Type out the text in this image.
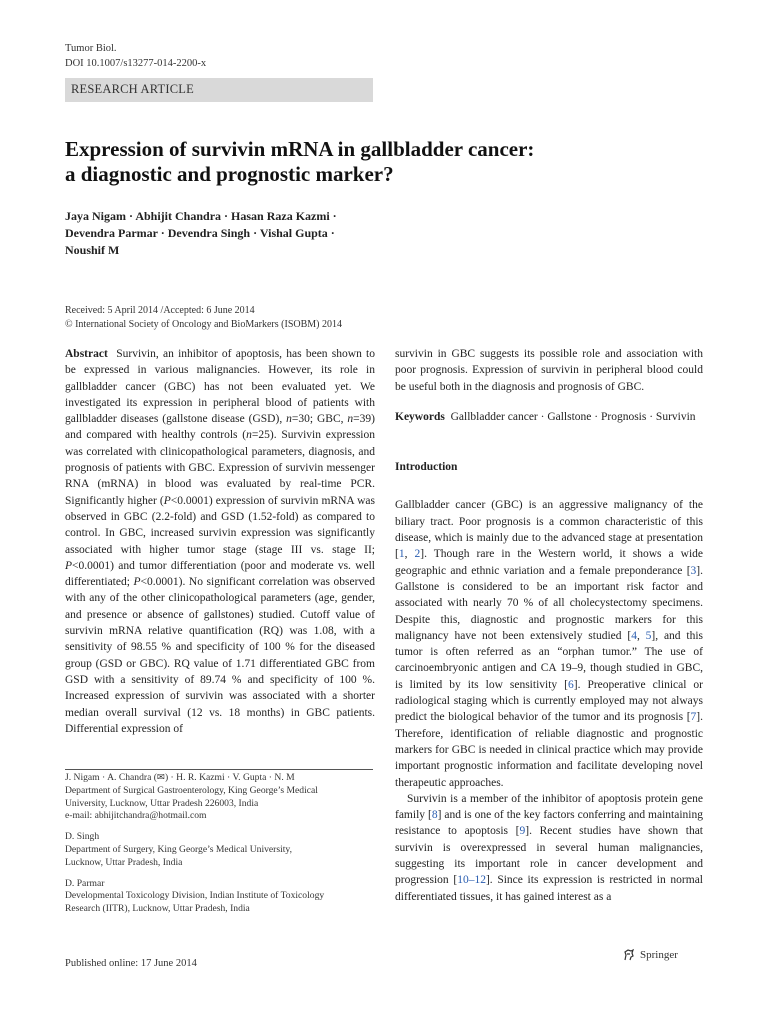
Tumor Biol.
DOI 10.1007/s13277-014-2200-x
RESEARCH ARTICLE
Expression of survivin mRNA in gallbladder cancer:
a diagnostic and prognostic marker?
Jaya Nigam · Abhijit Chandra · Hasan Raza Kazmi ·
Devendra Parmar · Devendra Singh · Vishal Gupta ·
Noushif M
Received: 5 April 2014 /Accepted: 6 June 2014
© International Society of Oncology and BioMarkers (ISOBM) 2014

Abstract Survivin, an inhibitor of apoptosis, has been shown to be expressed in various malignancies. However, its role in gallbladder cancer (GBC) has not been evaluated yet. We investigated its expression in peripheral blood of patients with gallbladder diseases (gallstone disease (GSD), n=30; GBC, n=39) and compared with healthy controls (n=25). Survivin expression was correlated with clinicopathological parameters, diagnosis, and prognosis of patients with GBC. Expression of survivin messenger RNA (mRNA) in blood was evaluated by real-time PCR. Significantly higher (P<0.0001) expression of survivin mRNA was observed in GBC (2.2-fold) and GSD (1.52-fold) as compared to control. In GBC, increased survivin expression was significantly associated with higher tumor stage (stage III vs. stage II; P<0.0001) and tumor differentiation (poor and moderate vs. well differentiated; P<0.0001). No significant correlation was observed with any of the other clinicopathological parameters (age, gender, and presence or absence of gallstones) studied. Cutoff value of survivin mRNA relative quantification (RQ) was 1.08, with a sensitivity of 98.55 % and specificity of 100 % for the diseased group (GSD or GBC). RQ value of 1.71 differentiated GBC from GSD with a sensitivity of 89.74 % and specificity of 100 %. Increased expression of survivin was associated with a shorter median overall survival (12 vs. 18 months) in GBC patients. Differential expression of

survivin in GBC suggests its possible role and association with poor prognosis. Expression of survivin in peripheral blood could be useful both in the diagnosis and prognosis of GBC.

Keywords Gallbladder cancer · Gallstone · Prognosis · Survivin

Introduction

Gallbladder cancer (GBC) is an aggressive malignancy of the biliary tract. Poor prognosis is a common characteristic of this disease, which is mainly due to the advanced stage at presentation [1, 2]. Though rare in the Western world, it shows a wide geographic and ethnic variation and a female preponderance [3]. Gallstone is considered to be an important risk factor and associated with nearly 70 % of all cholecystectomy specimens. Despite this, diagnostic and prognostic markers for this malignancy have not been extensively studied [4, 5], and this tumor is often referred as an “orphan tumor.” The use of carcinoembryonic antigen and CA 19–9, though studied in GBC, is limited by its low sensitivity [6]. Preoperative clinical or radiological staging which is currently employed may not always predict the biological behavior of the tumor and its prognosis [7]. Therefore, identification of reliable diagnostic and prognostic markers for GBC is needed in clinical practice which may provide important prognostic information and facilitate developing novel therapeutic approaches.

Survivin is a member of the inhibitor of apoptosis protein gene family [8] and is one of the key factors conferring and maintaining resistance to apoptosis [9]. Recent studies have shown that survivin is overexpressed in several human malignancies, suggesting its important role in cancer development and progression [10–12]. Since its expression is restricted in normal differentiated tissues, it has gained interest as a

J. Nigam · A. Chandra (✉) · H. R. Kazmi · V. Gupta · N. M
Department of Surgical Gastroenterology, King George’s Medical
University, Lucknow, Uttar Pradesh 226003, India
e-mail: abhijitchandra@hotmail.com

D. Singh
Department of Surgery, King George’s Medical University,
Lucknow, Uttar Pradesh, India

D. Parmar
Developmental Toxicology Division, Indian Institute of Toxicology
Research (IITR), Lucknow, Uttar Pradesh, India

Published online: 17 June 2014
Springer
